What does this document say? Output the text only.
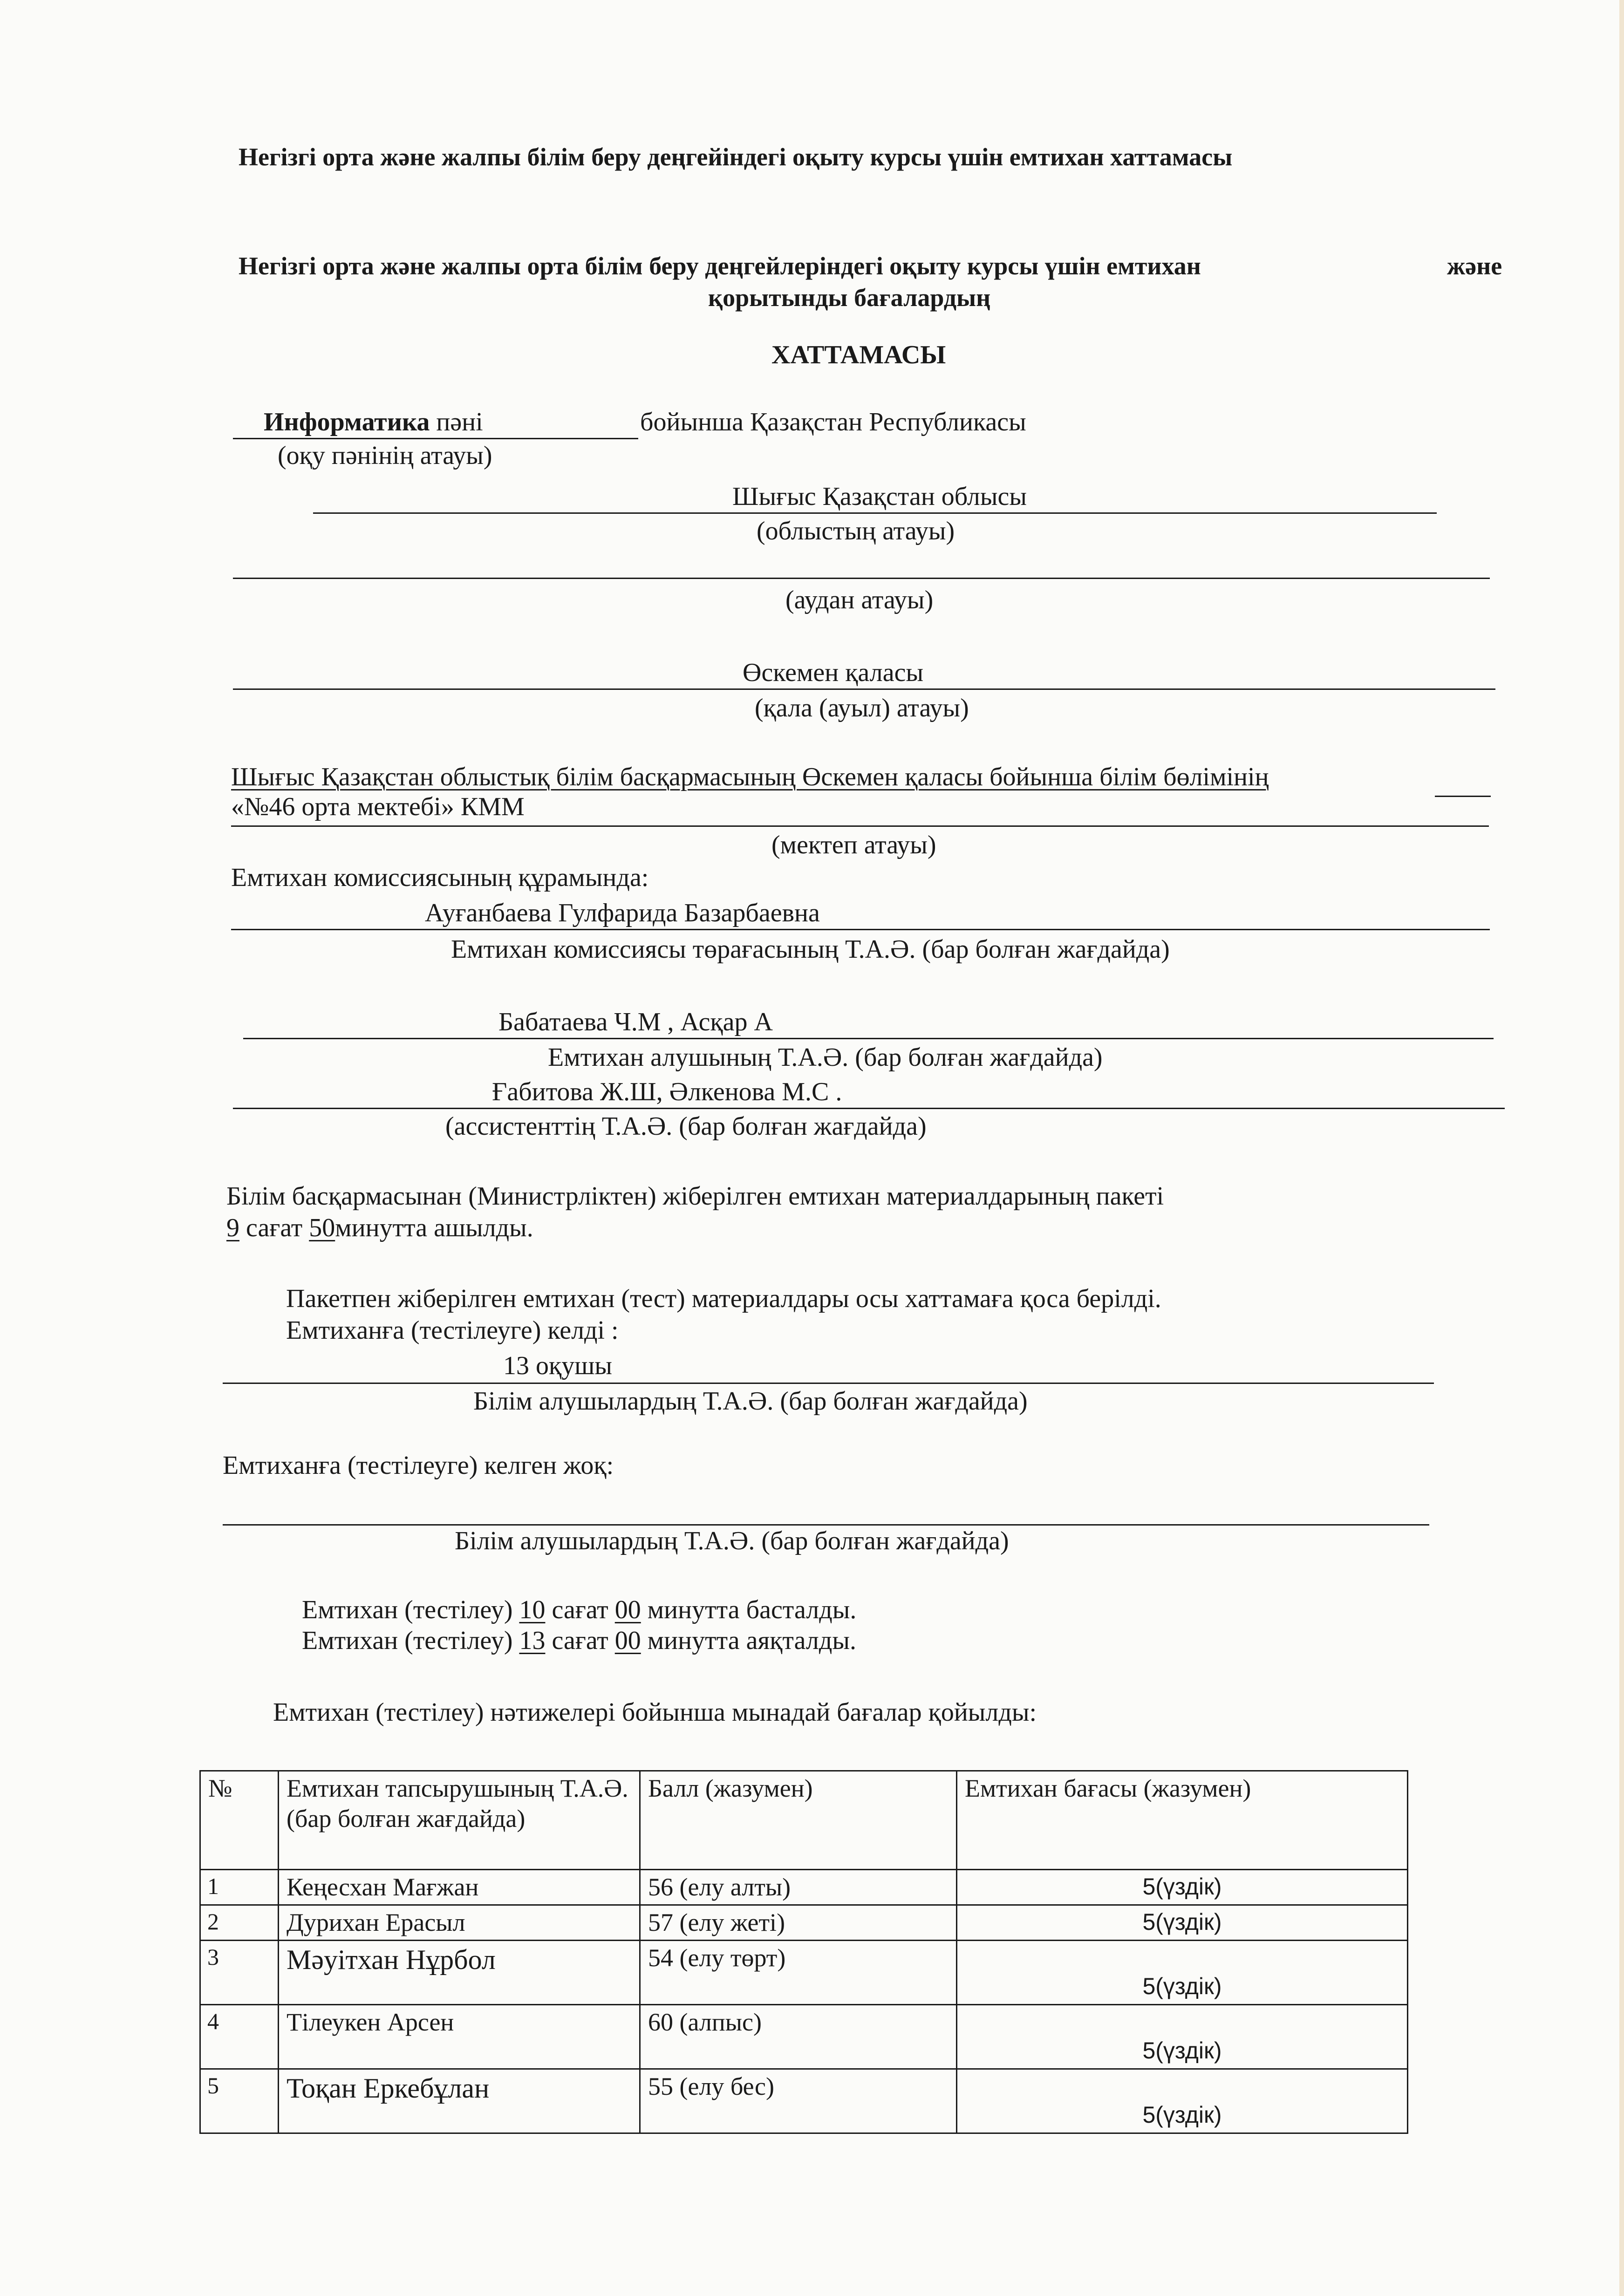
Негізгі орта және жалпы білім беру деңгейіндегі оқыту курсы үшін емтихан хаттамасы
Негізгі орта және жалпы орта білім беру деңгейлеріндегі оқыту курсы үшін емтихан	және
қорытынды бағалардың
ХАТТАМАСЫ
Информатика пәні	бойынша Қазақстан Республикасы
(оқу пәнінің атауы)
Шығыс Қазақстан облысы
(облыстың атауы)
(аудан атауы)
Өскемен қаласы
(қала (ауыл) атауы)
Шығыс Қазақстан облыстық білім басқармасының Өскемен қаласы бойынша білім бөлімінің
«№46 орта мектебі» КММ
(мектеп атауы)
Емтихан комиссиясының құрамында:
Ауғанбаева Гулфарида Базарбаевна
Емтихан комиссиясы төрағасының Т.А.Ә. (бар болған жағдайда)
Бабатаева Ч.М , Асқар А
Емтихан алушының Т.А.Ә. (бар болған жағдайда)
Ғабитова Ж.Ш, Әлкенова М.С .
(ассистенттің Т.А.Ә. (бар болған жағдайда)
Білім басқармасынан (Министрліктен) жіберілген емтихан материалдарының пакеті
9 сағат 50минутта ашылды.
Пакетпен жіберілген емтихан (тест) материалдары осы хаттамаға қоса берілді.
Емтиханға (тестілеуге) келді :
13 оқушы
Білім алушылардың Т.А.Ә. (бар болған жағдайда)
Емтиханға (тестілеуге) келген жоқ:
Білім алушылардың Т.А.Ә. (бар болған жағдайда)
Емтихан (тестілеу) 10 сағат 00 минутта басталды.
Емтихан (тестілеу) 13 сағат 00 минутта аяқталды.
Емтихан (тестілеу) нәтижелері бойынша мынадай бағалар қойылды:
№	Емтихан тапсырушының Т.А.Ә. (бар болған жағдайда)	Балл (жазумен)	Емтихан бағасы (жазумен)
1	Кеңесхан Мағжан	56 (елу алты)	5(үздік)
2	Дурихан Ерасыл	57 (елу жеті)	5(үздік)
3	Мәуітхан Нұрбол	54 (елу төрт)	5(үздік)
4	Тілеукен Арсен	60 (алпыс)	5(үздік)
5	Тоқан Еркебұлан	55 (елу бес)	5(үздік)
